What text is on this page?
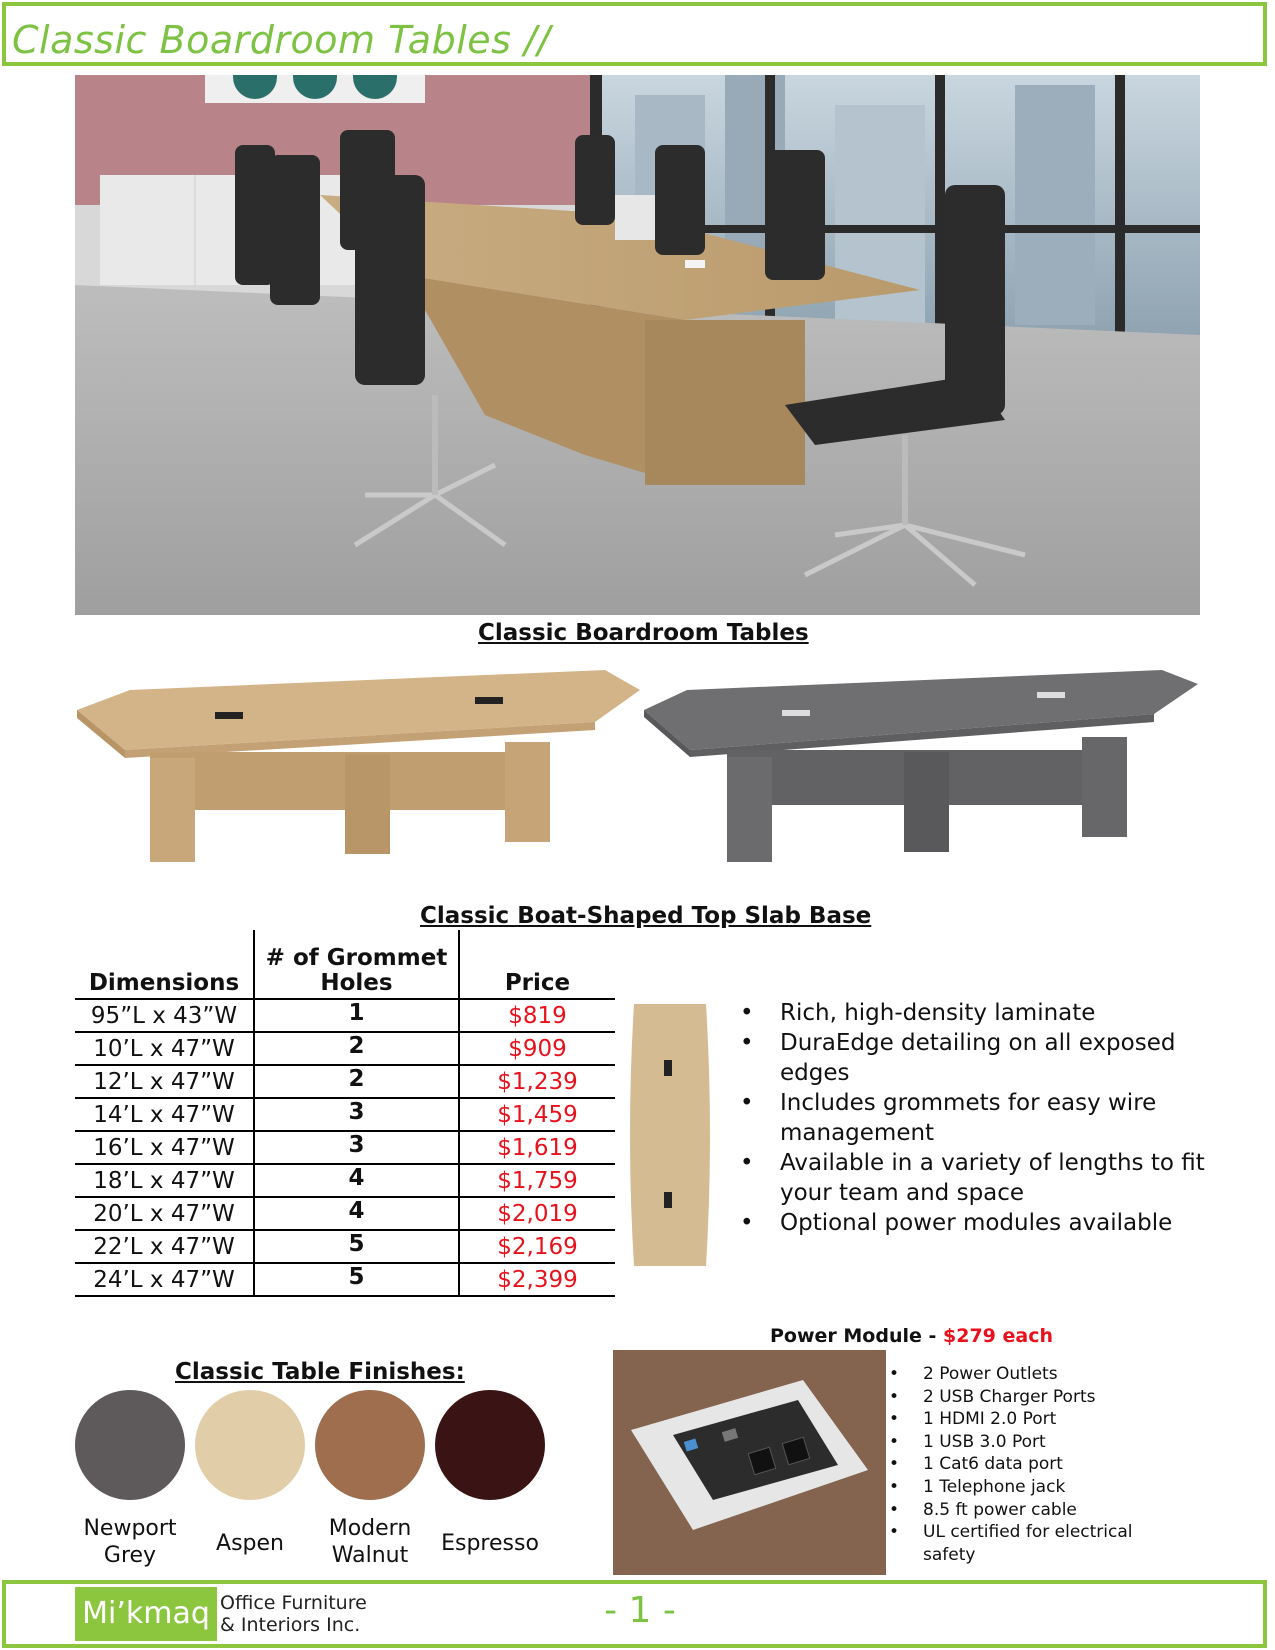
Classic Boardroom Tables //
Classic Boardroom Tables
Classic Boat-Shaped Top Slab Base
Dimensions	# of Grommet Holes	Price
95”L x 43”W	1	$819
10’L x 47”W	2	$909
12’L x 47”W	2	$1,239
14’L x 47”W	3	$1,459
16’L x 47”W	3	$1,619
18’L x 47”W	4	$1,759
20’L x 47”W	4	$2,019
22’L x 47”W	5	$2,169
24’L x 47”W	5	$2,399
• Rich, high-density laminate
• DuraEdge detailing on all exposed edges
• Includes grommets for easy wire management
• Available in a variety of lengths to fit your team and space
• Optional power modules available
Classic Table Finishes:
Newport Grey	Aspen
Modern Walnut	Espresso
Power Module - $279 each
• 2 Power Outlets
• 2 USB Charger Ports
• 1 HDMI 2.0 Port
• 1 USB 3.0 Port
• 1 Cat6 data port
• 1 Telephone jack
• 8.5 ft power cable
• UL certified for electrical safety
Mi’kmaq Office Furniture
& Interiors Inc.	- 1 -
